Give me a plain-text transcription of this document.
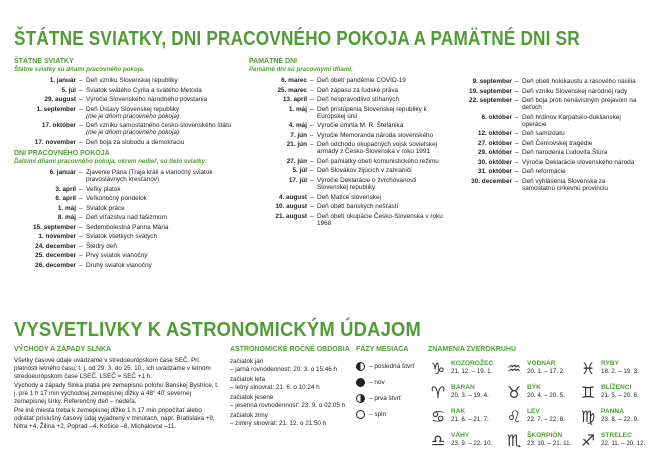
ŠTÁTNE SVIATKY, DNI PRACOVNÉHO POKOJA A PAMÄTNÉ DNI SR
ŠTÁTNE SVIATKY
Štátne sviatky sú dňami pracovného pokoja.
1. január – Deň vzniku Slovenskej republiky
5. júl – Sviatok svätého Cyrila a svätého Metoda
29. august – Výročie Slovenského národného povstania
1. september – Deň Ústavy Slovenskej republiky
(nie je dňom pracovného pokoja)
17. október – Deň vzniku samostatného česko-slovenského štátu
(nie je dňom pracovného pokoja)
17. november – Deň boja za slobodu a demokraciu
DNI PRACOVNÉHO POKOJA
Ďalšími dňami pracovného pokoja, okrem nedieľ, sú tieto sviatky:
6. január – Zjavenie Pána (Traja králi a vianočný sviatok pravoslávnych kresťanov)
3. apríl – Veľký piatok
6. apríl – Veľkonočný pondelok
1. máj – Sviatok práce
8. máj – Deň víťazstva nad fašizmom
15. september – Sedembolestná Panna Mária
1. november – Sviatok všetkých svätých
24. december – Štedrý deň
25. december – Prvý sviatok vianočný
26. december – Druhý sviatok vianočný
PAMÄTNÉ DNI
Pamätné dni sú pracovnými dňami.
6. marec – Deň obetí pandémie COVID-19
25. marec – Deň zápasu za ľudské práva
13. apríl – Deň nespravodlivo stíhaných
1. máj – Deň pristúpenia Slovenskej republiky k Európskej únii
4. máj – Výročie úmrtia M. R. Štefánika
7. jún – Výročie Memoranda národa slovenského
21. jún – Deň odchodu okupačných vojsk sovietskej armády z Česko-Slovenska v roku 1991
27. jún – Deň pamiatky obetí komunistického režimu
5. júl – Deň Slovákov žijúcich v zahraničí
17. júl – Výročie Deklarácie o zvrchovanosti Slovenskej republiky
4. august – Deň Matice slovenskej
10. august – Deň obetí banských nešťastí
21. august – Deň obetí okupácie Česko-Slovenska v roku 1968
9. september – Deň obetí holokaustu a rasového násilia
19. september – Deň vzniku Slovenskej národnej rady
22. september – Deň boja proti nenávistným prejavom na deťoch
6. október – Deň hrdinov Karpatsko-duklianskej operácie
12. október – Deň samizdatu
27. október – Deň Černovskej tragédie
29. október – Deň narodenia Ľudovíta Štúra
30. október – Výročie Deklarácie slovenského národa
31. október – Deň reformácie
30. december – Deň vyhlásenia Slovenska za samostatnú cirkevnú provinciu
VYSVETLIVKY K ASTRONOMICKÝM ÚDAJOM
VÝCHODY A ZÁPADY SLNKA
Všetky časové údaje uvádzame v stredoeurópskom čase SEČ. Pri platnosti letného času, t. j. od 29. 3. do 25. 10., ich uvádzame v letnom stredoeurópskom čase LSEČ. LSEČ = SEČ +1 h.
Východy a západy Slnka platia pre zemepisnú polohu Banskej Bystrice, t. j. pre 1 h 17 min východnej zemepisnej dĺžky a 48° 40' severnej zemepisnej šírky. Referenčný deň – nedeľa.
Pre iné miesta treba k zemepisnej dĺžke 1 h 17 min pripočítať alebo odrátať príslušný časový údaj vyjadrený v minútach, napr. Bratislava +9, Nitra +4, Žilina +2, Poprad –4, Košice –8, Michalovce –11.
ASTRONOMICKÉ ROČNÉ OBDOBIA
začiatok jari
– jarná rovnodennosť: 20. 3. o 15:46 h
začiatok leta
– letný slnovrat: 21. 6. o 10:24 h
začiatok jesene
– jesenná rovnodennosť: 23. 9. o 02:05 h
začiatok zimy
– zimný slnovrat: 21. 12. o 21:50 h
FÁZY MESIACA
– posledná štvrť
– nov
– prvá štvrť
– spln
ZNAMENIA ZVEROKRUHU
♑ KOZOROŽEC
21. 12. – 19. 1. ♒ VODNÁR
20. 1. – 17. 2. ♓ RYBY
18. 2. – 19. 3.
♈ BARAN
20. 3. – 19. 4. ♉ BÝK
20. 4. – 20. 5. ♊ BLÍŽENCI
21. 5. – 20. 6.
♋ RAK
21. 6. – 21. 7. ♌ LEV
22. 7. – 22. 8. ♍ PANNA
23. 8. – 22. 9.
♎ VÁHY
23. 9. – 22. 10. ♏ ŠKORPIÓN
23. 10. – 21. 11. ♐ STRELEC
22. 11. – 20. 12.
